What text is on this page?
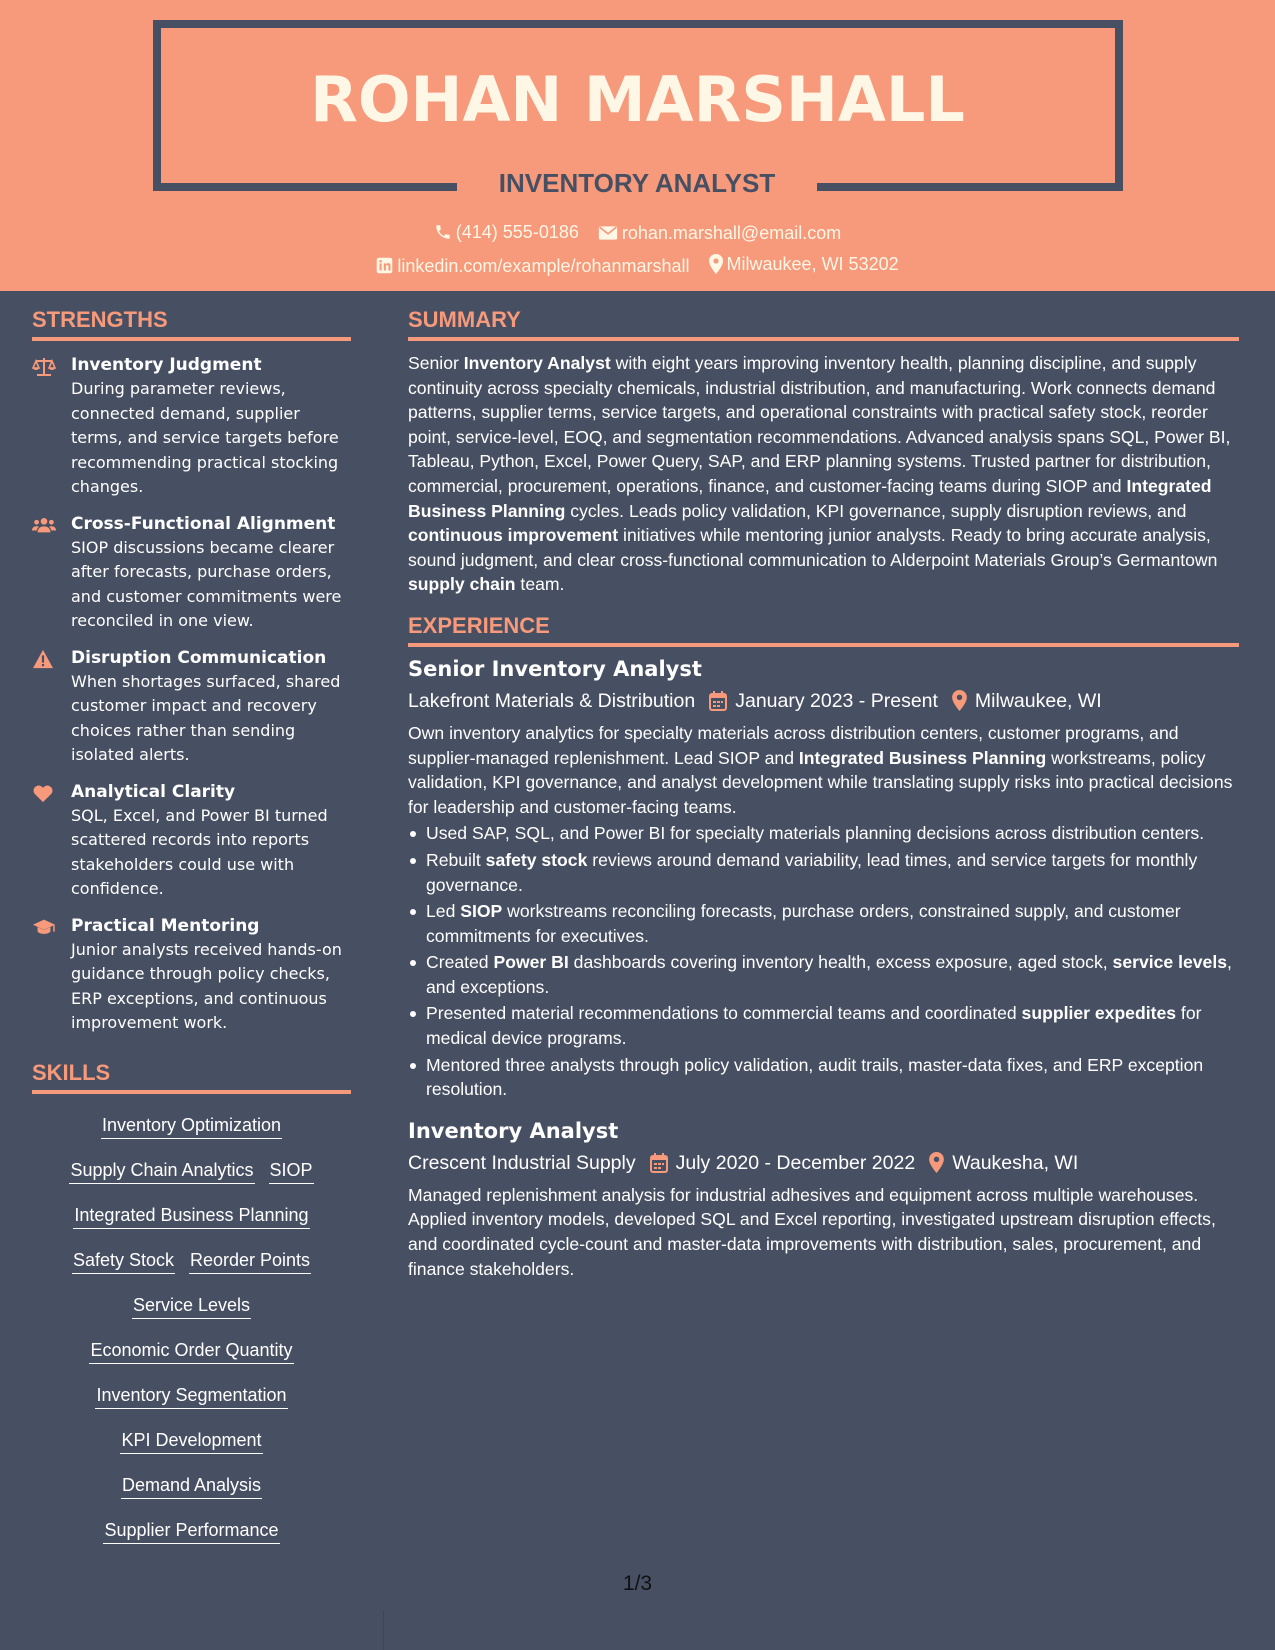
ROHAN MARSHALL
INVENTORY ANALYST
(414) 555-0186
rohan.marshall@email.com
linkedin.com/example/rohanmarshall
Milwaukee, WI 53202
STRENGTHS
Inventory Judgment
During parameter reviews, connected demand, supplier terms, and service targets before recommending practical stocking changes.
Cross-Functional Alignment
SIOP discussions became clearer after forecasts, purchase orders, and customer commitments were reconciled in one view.
Disruption Communication
When shortages surfaced, shared customer impact and recovery choices rather than sending isolated alerts.
Analytical Clarity
SQL, Excel, and Power BI turned scattered records into reports stakeholders could use with confidence.
Practical Mentoring
Junior analysts received hands-on guidance through policy checks, ERP exceptions, and continuous improvement work.
SKILLS
Inventory Optimization
Supply Chain Analytics SIOP
Integrated Business Planning
Safety Stock Reorder Points
Service Levels
Economic Order Quantity
Inventory Segmentation
KPI Development
Demand Analysis
Supplier Performance
SUMMARY

Senior Inventory Analyst with eight years improving inventory health, planning discipline, and supply continuity across specialty chemicals, industrial distribution, and manufacturing. Work connects demand patterns, supplier terms, service targets, and operational constraints with practical safety stock, reorder point, service-level, EOQ, and segmentation recommendations. Advanced analysis spans SQL, Power BI, Tableau, Python, Excel, Power Query, SAP, and ERP planning systems. Trusted partner for distribution, commercial, procurement, operations, finance, and customer-facing teams during SIOP and Integrated Business Planning cycles. Leads policy validation, KPI governance, supply disruption reviews, and continuous improvement initiatives while mentoring junior analysts. Ready to bring accurate analysis, sound judgment, and clear cross-functional communication to Alderpoint Materials Group’s Germantown supply chain team.

EXPERIENCE
Senior Inventory Analyst
Lakefront Materials & Distribution January 2023 - Present Milwaukee, WI

Own inventory analytics for specialty materials across distribution centers, customer programs, and supplier-managed replenishment. Lead SIOP and Integrated Business Planning workstreams, policy validation, KPI governance, and analyst development while translating supply risks into practical decisions for leadership and customer-facing teams.

Used SAP, SQL, and Power BI for specialty materials planning decisions across distribution centers.
Rebuilt safety stock reviews around demand variability, lead times, and service targets for monthly governance.
Led SIOP workstreams reconciling forecasts, purchase orders, constrained supply, and customer commitments for executives.
Created Power BI dashboards covering inventory health, excess exposure, aged stock, service levels, and exceptions.
Presented material recommendations to commercial teams and coordinated supplier expedites for medical device programs.
Mentored three analysts through policy validation, audit trails, master-data fixes, and ERP exception resolution.
Inventory Analyst
Crescent Industrial Supply July 2020 - December 2022 Waukesha, WI

Managed replenishment analysis for industrial adhesives and equipment across multiple warehouses. Applied inventory models, developed SQL and Excel reporting, investigated upstream disruption effects, and coordinated cycle-count and master-data improvements with distribution, sales, procurement, and finance stakeholders.

1/3
